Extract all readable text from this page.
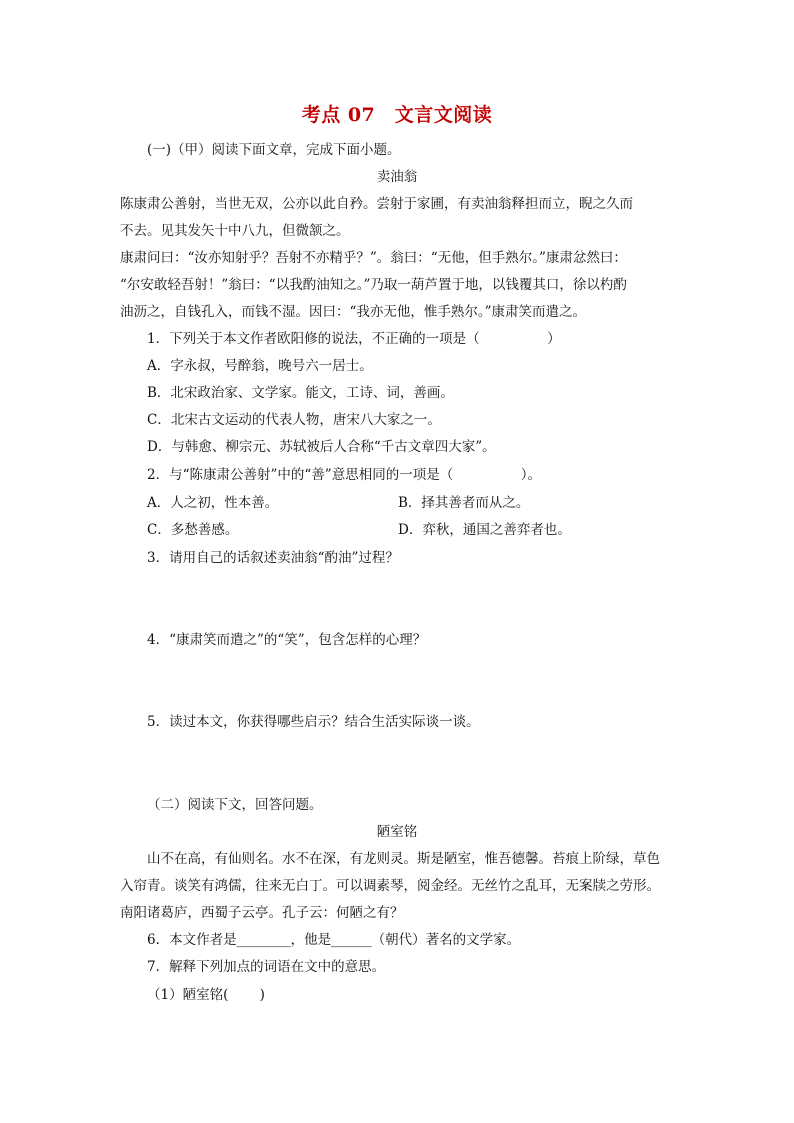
考点 07　文言文阅读
(一)（甲）阅读下面文章，完成下面小题。
卖油翁
陈康肃公善射，当世无双，公亦以此自矜。尝射于家圃，有卖油翁释担而立，睨之久而
不去。见其发矢十中八九，但微颔之。
康肃问曰：“汝亦知射乎？吾射不亦精乎？”。翁曰：“无他，但手熟尔。”康肃忿然曰：
“尔安敢轻吾射！”翁曰：“以我酌油知之。”乃取一葫芦置于地，以钱覆其口，徐以杓酌
油沥之，自钱孔入，而钱不湿。因曰：“我亦无他，惟手熟尔。”康肃笑而遣之。
1．下列关于本文作者欧阳修的说法，不正确的一项是（　　　　　）
A．字永叔，号醉翁，晚号六一居士。
B．北宋政治家、文学家。能文，工诗、词，善画。
C．北宋古文运动的代表人物，唐宋八大家之一。
D．与韩愈、柳宗元、苏轼被后人合称“千古文章四大家”。
2．与“陈康肃公善射”中的“善”意思相同的一项是（　　　　　）。
A．人之初，性本善。	B．择其善者而从之。
C．多愁善感。	D．弈秋，通国之善弈者也。
3．请用自己的话叙述卖油翁“酌油”过程？
4．“康肃笑而遣之”的“笑”，包含怎样的心理？
5．读过本文，你获得哪些启示？结合生活实际谈一谈。
（二）阅读下文，回答问题。
陋室铭
山不在高，有仙则名。水不在深，有龙则灵。斯是陋室，惟吾德馨。苔痕上阶绿，草色
入帘青。谈笑有鸿儒，往来无白丁。可以调素琴，阅金经。无丝竹之乱耳，无案牍之劳形。
南阳诸葛庐，西蜀子云亭。孔子云：何陋之有？
6．本文作者是________，他是______（朝代）著名的文学家。
7．解释下列加点的词语在文中的意思。
（1）陋室铭(　　 )
